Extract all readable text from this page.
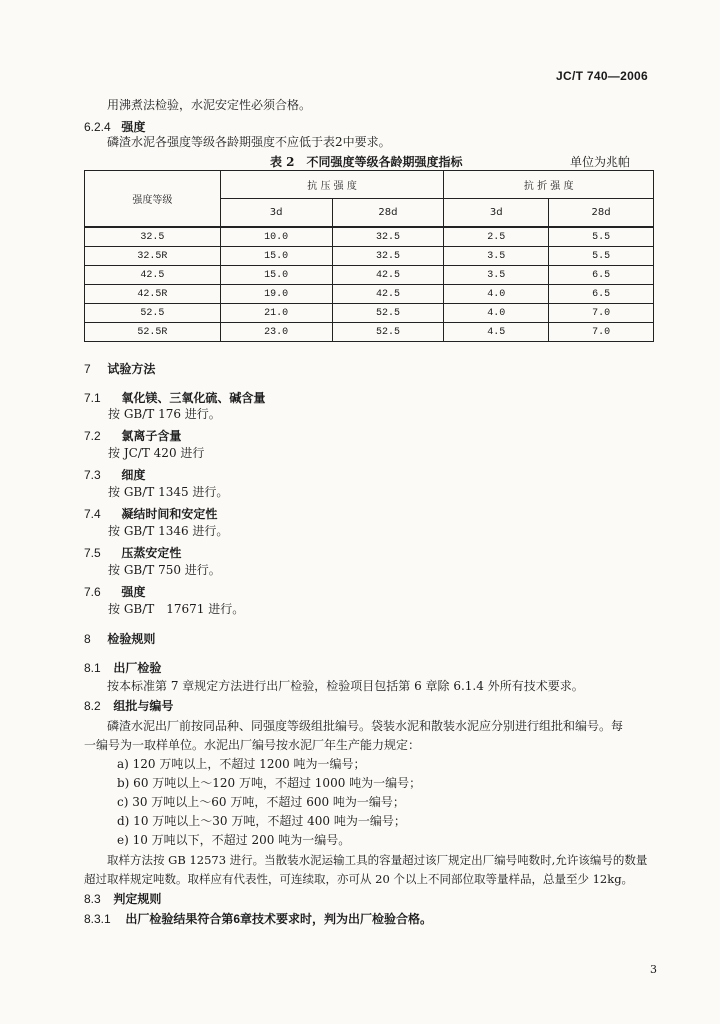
JC/T 740—2006
用沸煮法检验，水泥安定性必须合格。
6.2.4 强度
磷渣水泥各强度等级各龄期强度不应低于表2中要求。
表 2　不同强度等级各龄期强度指标	单位为兆帕
强度等级	抗 压 强 度		抗 折 强 度	
	3d	28d	3d	28d
32.5	10.0	32.5	2.5	5.5
32.5R	15.0	32.5	3.5	5.5
42.5	15.0	42.5	3.5	6.5
42.5R	19.0	42.5	4.0	6.5
52.5	21.0	52.5	4.0	7.0
52.5R	23.0	52.5	4.5	7.0
7 试验方法
7.1 氧化镁、三氧化硫、碱含量
按 GB/T 176 进行。
7.2 氯离子含量
按 JC/T 420 进行
7.3 细度
按 GB/T 1345 进行。
7.4 凝结时间和安定性
按 GB/T 1346 进行。
7.5 压蒸安定性
按 GB/T 750 进行。
7.6 强度
按 GB/T　17671 进行。
8 检验规则
8.1 出厂检验
按本标准第 7 章规定方法进行出厂检验，检验项目包括第 6 章除 6.1.4 外所有技术要求。
8.2 组批与编号
磷渣水泥出厂前按同品种、同强度等级组批编号。袋装水泥和散装水泥应分别进行组批和编号。每
一编号为一取样单位。水泥出厂编号按水泥厂年生产能力规定：
a) 120 万吨以上，不超过 1200 吨为一编号；
b) 60 万吨以上～120 万吨，不超过 1000 吨为一编号；
c) 30 万吨以上～60 万吨，不超过 600 吨为一编号；
d) 10 万吨以上～30 万吨，不超过 400 吨为一编号；
e) 10 万吨以下，不超过 200 吨为一编号。
取样方法按 GB 12573 进行。当散装水泥运输工具的容量超过该厂规定出厂编号吨数时,允许该编号的数量
超过取样规定吨数。取样应有代表性，可连续取，亦可从 20 个以上不同部位取等量样品，总量至少 12kg。
8.3 判定规则
8.3.1 出厂检验结果符合第6章技术要求时，判为出厂检验合格。
3
